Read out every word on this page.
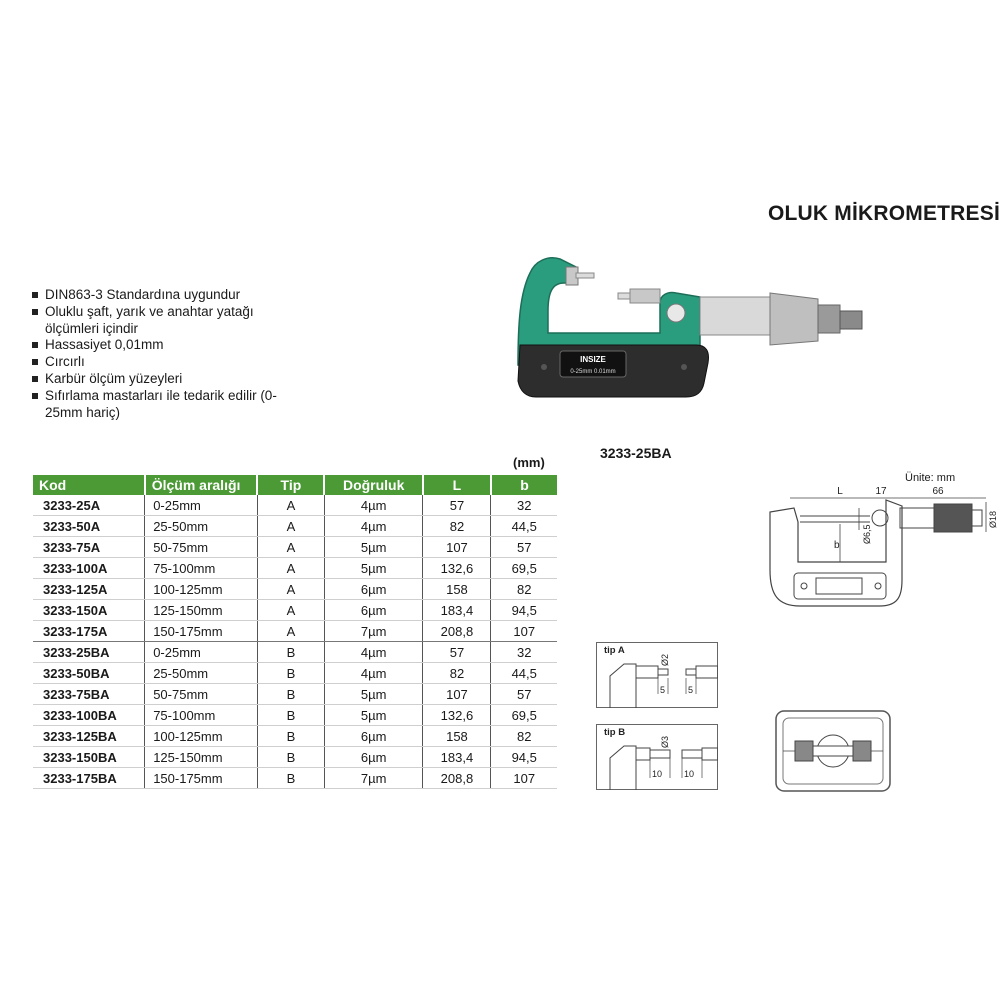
OLUK MİKROMETRESİ
DIN863-3 Standardına uygundur
Oluklu şaft, yarık ve anahtar yatağı ölçümleri içindir
Hassasiyet 0,01mm
Cırcırlı
Karbür ölçüm yüzeyleri
Sıfırlama mastarları ile tedarik edilir (0-25mm hariç)
INSIZE
0-25mm 0.01mm
3233-25BA
(mm)
Ünite: mm
Kod	Ölçüm aralığı	Tip	Doğruluk	L	b
3233-25A	0-25mm	A	4µm	57	32
3233-50A	25-50mm	A	4µm	82	44,5
3233-75A	50-75mm	A	5µm	107	57
3233-100A	75-100mm	A	5µm	132,6	69,5
3233-125A	100-125mm	A	6µm	158	82
3233-150A	125-150mm	A	6µm	183,4	94,5
3233-175A	150-175mm	A	7µm	208,8	107
3233-25BA	0-25mm	B	4µm	57	32
3233-50BA	25-50mm	B	4µm	82	44,5
3233-75BA	50-75mm	B	5µm	107	57
3233-100BA	75-100mm	B	5µm	132,6	69,5
3233-125BA	100-125mm	B	6µm	158	82
3233-150BA	125-150mm	B	6µm	183,4	94,5
3233-175BA	150-175mm	B	7µm	208,8	107
L	17	66
b
Ø6,5
Ø18
tip A
Ø2
5	5
tip B
Ø3
10 10
